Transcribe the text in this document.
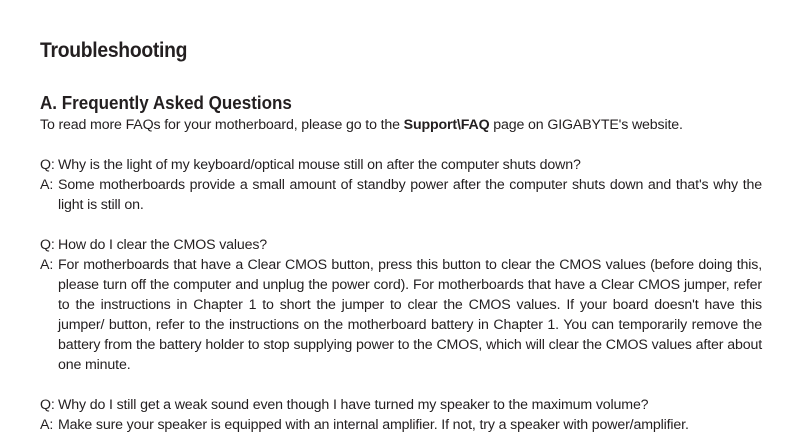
Troubleshooting
A. Frequently Asked Questions

To read more FAQs for your motherboard, please go to the Support\FAQ page on GIGABYTE's website.

Q: Why is the light of my keyboard/optical mouse still on after the computer shuts down?
A: Some motherboards provide a small amount of standby power after the computer shuts down and that's why the light is still on.
Q: How do I clear the CMOS values?
A: For motherboards that have a Clear CMOS button, press this button to clear the CMOS values (before doing this, please turn off the computer and unplug the power cord). For motherboards that have a Clear CMOS jumper, refer to the instructions in Chapter 1 to short the jumper to clear the CMOS values. If your board doesn't have this jumper/ button, refer to the instructions on the motherboard battery in Chapter 1. You can temporarily remove the battery from the battery holder to stop supplying power to the CMOS, which will clear the CMOS values after about one minute.
Q: Why do I still get a weak sound even though I have turned my speaker to the maximum volume?
A: Make sure your speaker is equipped with an internal amplifier. If not, try a speaker with power/amplifier.
